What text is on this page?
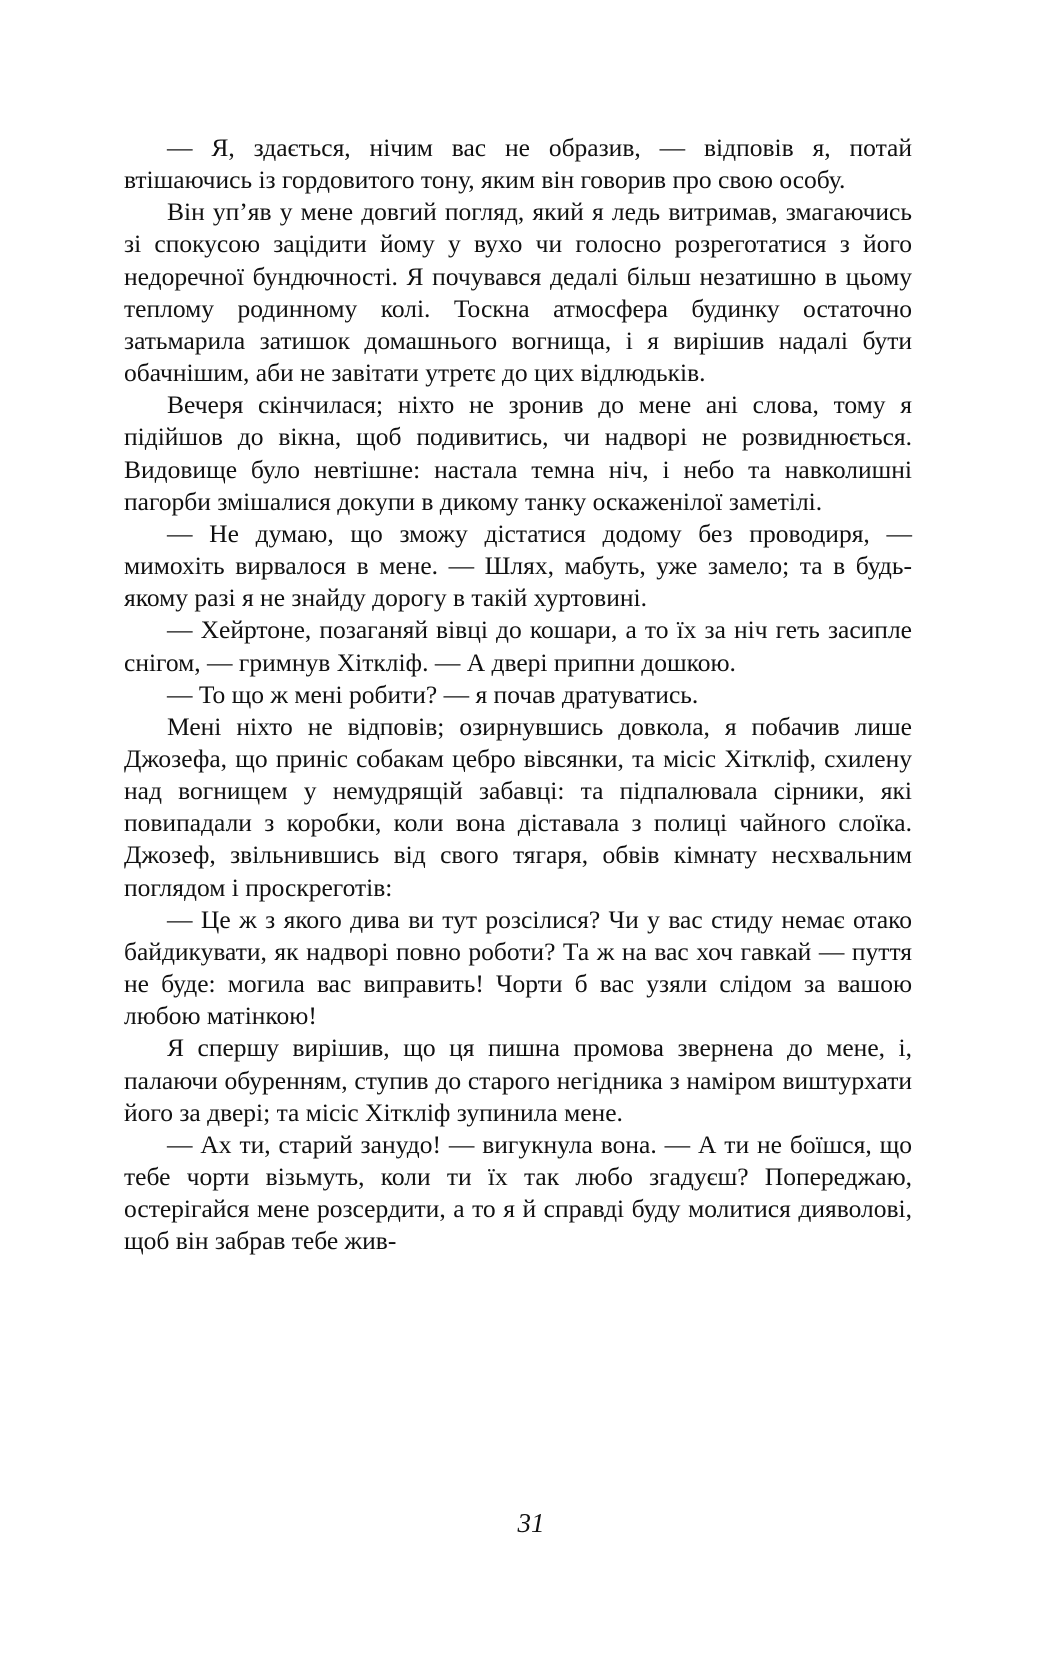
— Я, здається, нічим вас не образив, — відповів я, потай втішаючись із гордовитого тону, яким він говорив про свою особу.

Він уп’яв у мене довгий погляд, який я ледь витримав, змагаючись зі спокусою зацідити йому у вухо чи голосно розреготатися з його недоречної бундючності. Я почувався дедалі більш незатишно в цьому теплому родинному колі. Тоскна атмосфера будинку остаточно затьмарила затишок домашнього вогнища, і я вирішив надалі бути обачнішим, аби не завітати утретє до цих відлюдьків.

Вечеря скінчилася; ніхто не зронив до мене ані слова, тому я підійшов до вікна, щоб подивитись, чи надворі не розвиднюється. Видовище було невтішне: настала темна ніч, і небо та навколишні пагорби змішалися докупи в дикому танку оскаженілої заметілі.

— Не думаю, що зможу дістатися додому без проводиря, — мимохіть вирвалося в мене. — Шлях, мабуть, уже замело; та в будь-якому разі я не знайду дорогу в такій хуртовині.

— Хейртоне, позаганяй вівці до кошари, а то їх за ніч геть засипле снігом, — гримнув Хіткліф. — А двері припни дошкою.

— То що ж мені робити? — я почав дратуватись.

Мені ніхто не відповів; озирнувшись довкола, я побачив лише Джозефа, що приніс собакам цебро вівсянки, та місіс Хіткліф, схилену над вогнищем у немудрящій забавці: та підпалювала сірники, які повипадали з коробки, коли вона діставала з полиці чайного слоїка. Джозеф, звільнившись від свого тягаря, обвів кімнату несхвальним поглядом і проскреготів:

— Це ж з якого дива ви тут розсілися? Чи у вас стиду немає отако байдикувати, як надворі повно роботи? Та ж на вас хоч гавкай — пуття не буде: могила вас виправить! Чорти б вас узяли слідом за вашою любою матінкою!

Я спершу вирішив, що ця пишна промова звернена до мене, і, палаючи обуренням, ступив до старого негідника з наміром виштурхати його за двері; та місіс Хіткліф зупинила мене.

— Ах ти, старий занудо! — вигукнула вона. — А ти не боїшся, що тебе чорти візьмуть, коли ти їх так любо згадуєш? Попереджаю, остерігайся мене розсердити, а то я й справді буду молитися дияволові, щоб він забрав тебе жив-

31
